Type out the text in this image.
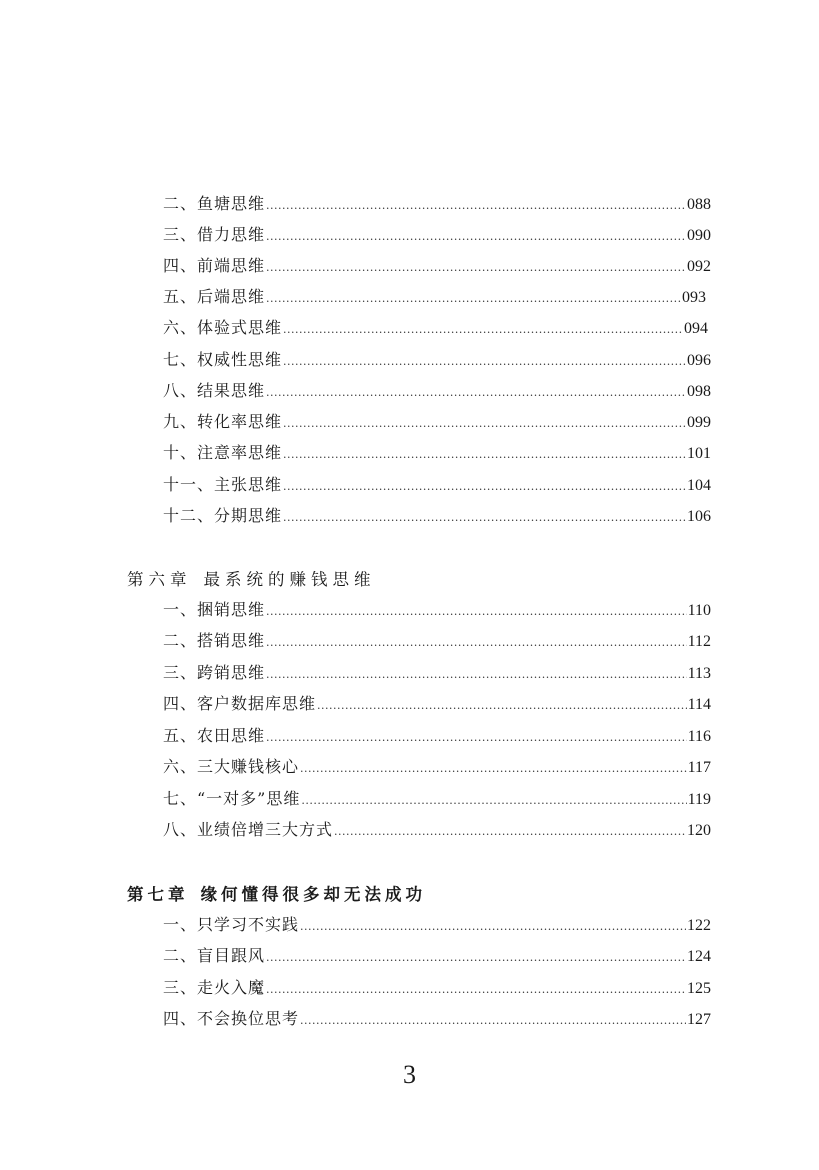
二、鱼塘思维 .....	088
三、借力思维 .....	090
四、前端思维 .....	092
五、后端思维 .....	093
六、体验式思维 .....	094
七、权威性思维 .....	096
八、结果思维 .....	098
九、转化率思维 .....	099
十、注意率思维 .....	101
十一、主张思维 .....	104
十二、分期思维 .....	106
第六章 最系统的赚钱思维
一、捆销思维 .....	110
二、搭销思维 .....	112
三、跨销思维 .....	113
四、客户数据库思维 .....	114
五、农田思维 .....	116
六、三大赚钱核心 .....	117
七、“一对多”思维 .....	119
八、业绩倍增三大方式 .....	120
第七章 缘何懂得很多却无法成功
一、只学习不实践 .....	122
二、盲目跟风 .....	124
三、走火入魔 .....	125
四、不会换位思考 .....	127
3
